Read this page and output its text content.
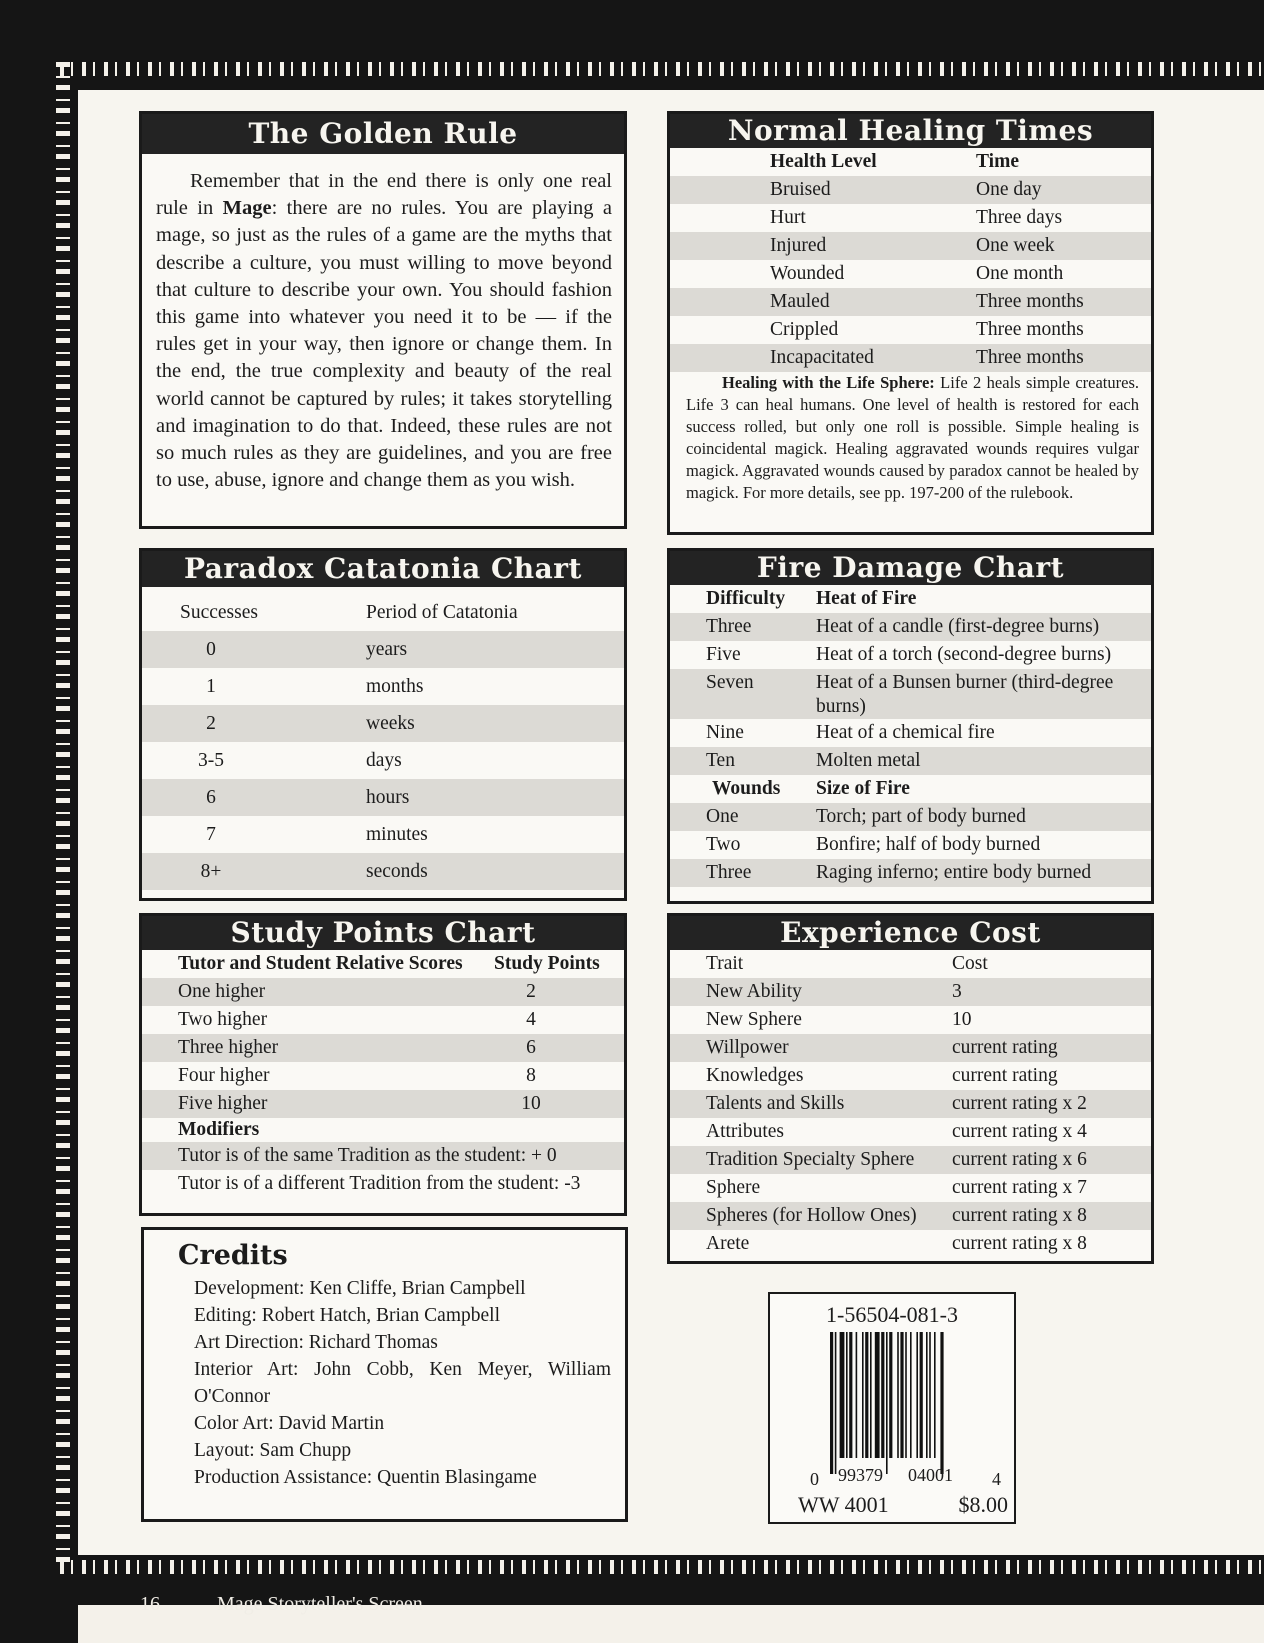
The Golden Rule
Remember that in the end there is only one real rule in Mage: there are no rules. You are playing a mage, so just as the rules of a game are the myths that describe a culture, you must willing to move beyond that culture to describe your own. You should fashion this game into whatever you need it to be — if the rules get in your way, then ignore or change them. In the end, the true complexity and beauty of the real world cannot be captured by rules; it takes storytelling and imagination to do that. Indeed, these rules are not so much rules as they are guidelines, and you are free to use, abuse, ignore and change them as you wish.
Normal Healing Times
Health Level	Time
Bruised	One day
Hurt	Three days
Injured	One week
Wounded	One month
Mauled	Three months
Crippled	Three months
Incapacitated	Three months
Healing with the Life Sphere: Life 2 heals simple creatures. Life 3 can heal humans. One level of health is restored for each success rolled, but only one roll is possible. Simple healing is coincidental magick. Healing aggravated wounds requires vulgar magick. Aggravated wounds caused by paradox cannot be healed by magick. For more details, see pp. 197-200 of the rulebook.
Paradox Catatonia Chart
Successes	Period of Catatonia
0	years
1	months
2	weeks
3-5	days
6	hours
7	minutes
8+	seconds
Fire Damage Chart
Difficulty	Heat of Fire
Three	Heat of a candle (first-degree burns)
Five	Heat of a torch (second-degree burns)
Seven	Heat of a Bunsen burner (third-degree
burns)
Nine	Heat of a chemical fire
Ten	Molten metal
Wounds	Size of Fire
One	Torch; part of body burned
Two	Bonfire; half of body burned
Three	Raging inferno; entire body burned
Study Points Chart
Tutor and Student Relative Scores	Study Points
One higher	2
Two higher	4
Three higher	6
Four higher	8
Five higher	10
Modifiers
Tutor is of the same Tradition as the student: + 0
Tutor is of a different Tradition from the student: -3
Experience Cost
Trait	Cost
New Ability	3
New Sphere	10
Willpower	current rating
Knowledges	current rating
Talents and Skills	current rating x 2
Attributes	current rating x 4
Tradition Specialty Sphere	current rating x 6
Sphere	current rating x 7
Spheres (for Hollow Ones)	current rating x 8
Arete	current rating x 8
Credits
Development: Ken Cliffe, Brian Campbell
Editing: Robert Hatch, Brian Campbell
Art Direction: Richard Thomas
Interior Art: John Cobb, Ken Meyer, William
O'Connor
Color Art: David Martin
Layout: Sam Chupp
Production Assistance: Quentin Blasingame
1-56504-081-3
0 99379 04001 4
WW 4001	$8.00
16	Mage Storyteller's Screen
